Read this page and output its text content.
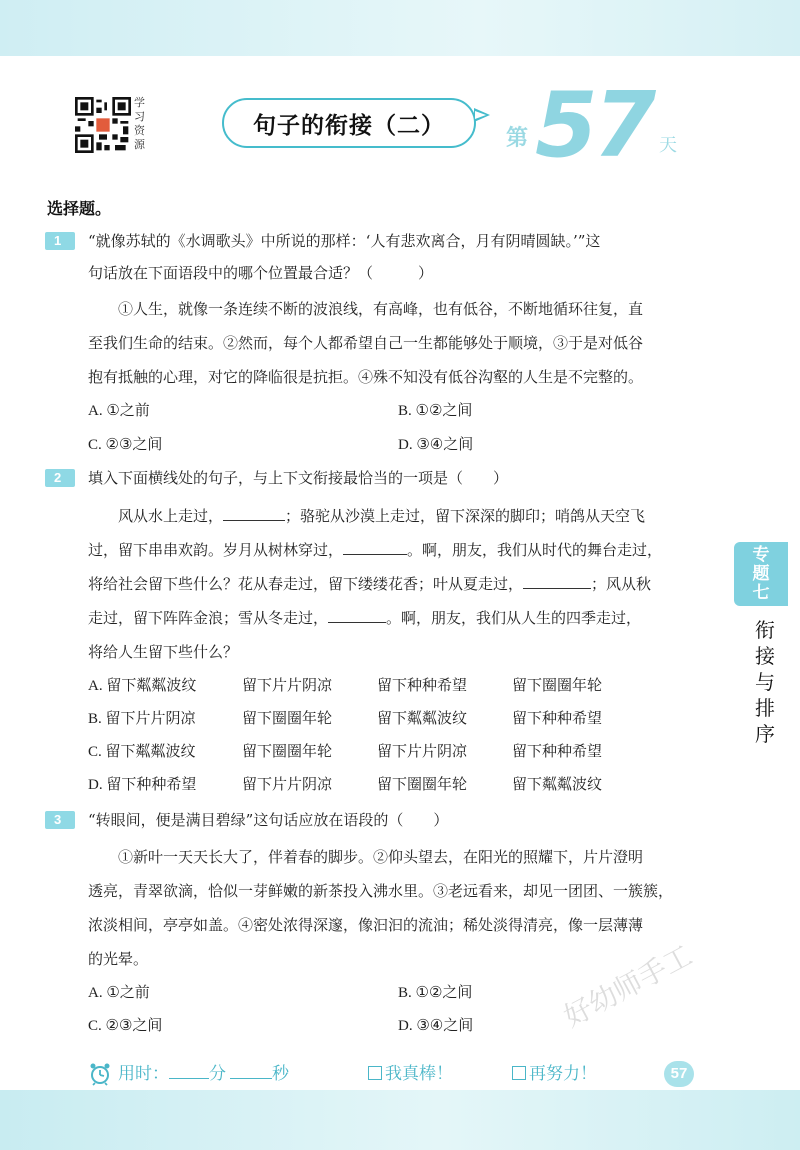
学习资源
句子的衔接（二）	第 57 天
选择题。
1	“就像苏轼的《水调歌头》中所说的那样：‘人有悲欢离合，月有阴晴圆缺。’”这
句话放在下面语段中的哪个位置最合适？（　　　）
①人生，就像一条连续不断的波浪线，有高峰，也有低谷，不断地循环往复，直
至我们生命的结束。②然而，每个人都希望自己一生都能够处于顺境，③于是对低谷
抱有抵触的心理，对它的降临很是抗拒。④殊不知没有低谷沟壑的人生是不完整的。
A. ①之前	B. ①②之间
C. ②③之间	D. ③④之间
2	填入下面横线处的句子，与上下文衔接最恰当的一项是（　　）
风从水上走过，	；骆驼从沙漠上走过，留下深深的脚印；哨鸽从天空飞
过，留下串串欢韵。岁月从树林穿过，	。啊，朋友，我们从时代的舞台走过，
将给社会留下些什么？花从春走过，留下缕缕花香；叶从夏走过，	；风从秋
走过，留下阵阵金浪；雪从冬走过，	。啊，朋友，我们从人生的四季走过，
将给人生留下些什么？
A. 留下粼粼波纹	留下片片阴凉	留下种种希望	留下圈圈年轮
B. 留下片片阴凉	留下圈圈年轮	留下粼粼波纹	留下种种希望
C. 留下粼粼波纹	留下圈圈年轮	留下片片阴凉	留下种种希望
D. 留下种种希望	留下片片阴凉	留下圈圈年轮	留下粼粼波纹
3	“转眼间，便是满目碧绿”这句话应放在语段的（　　）
①新叶一天天长大了，伴着春的脚步。②仰头望去，在阳光的照耀下，片片澄明
透亮，青翠欲滴，恰似一芽鲜嫩的新茶投入沸水里。③老远看来，却见一团团、一簇簇，
浓淡相间，亭亭如盖。④密处浓得深邃，像汩汩的流油；稀处淡得清亮，像一层薄薄
的光晕。
A. ①之前	B. ①②之间
C. ②③之间	D. ③④之间
专题七
衔接与排序
好幼师手工
用时： 分	秒	我真棒！	再努力！	57
